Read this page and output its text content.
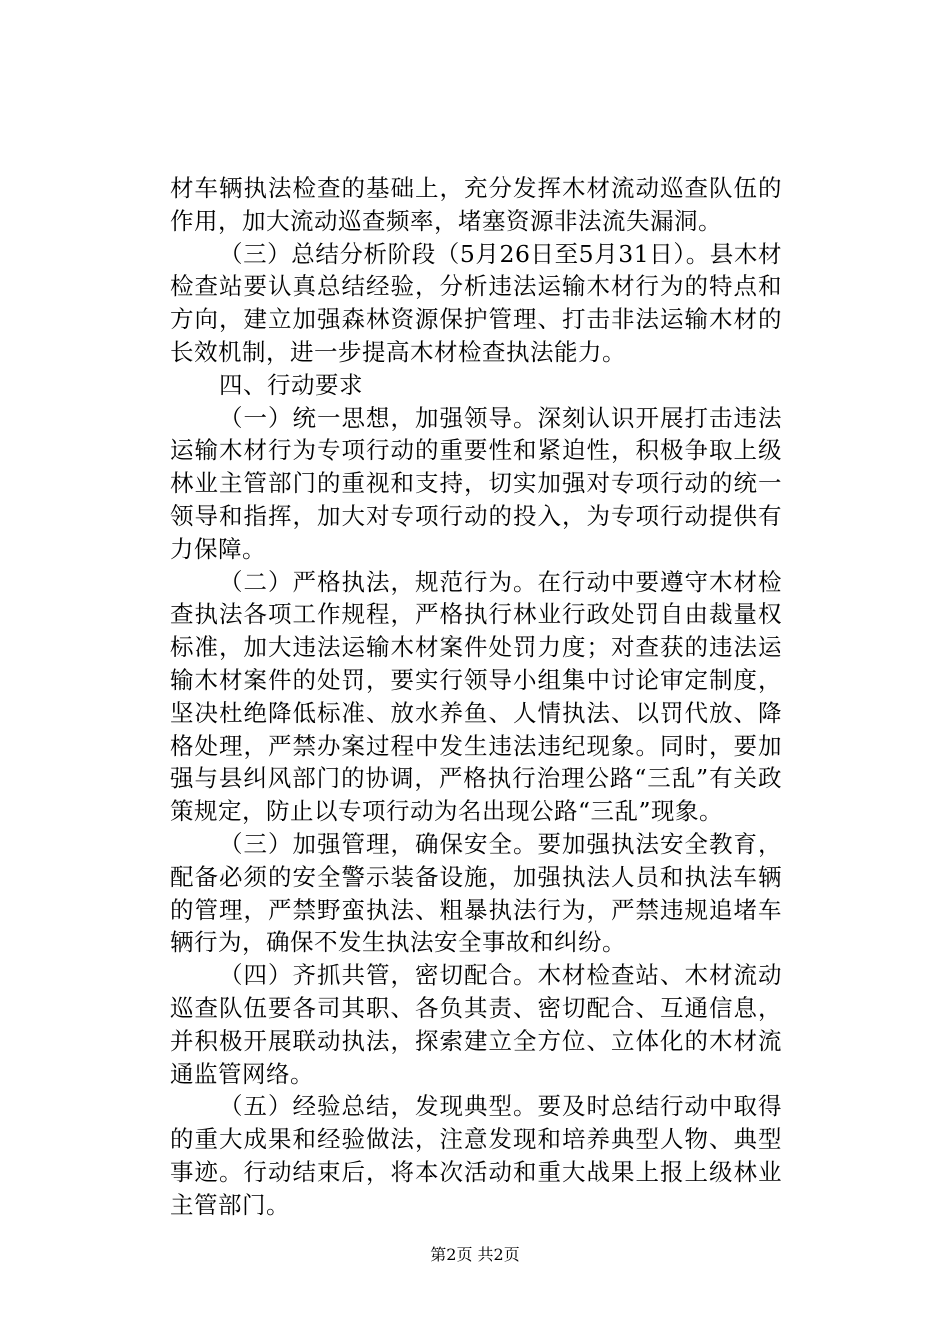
材车辆执法检查的基础上，充分发挥木材流动巡查队伍的作用，加大流动巡查频率，堵塞资源非法流失漏洞。

（三）总结分析阶段（5月26日至5月31日）。县木材检查站要认真总结经验，分析违法运输木材行为的特点和方向，建立加强森林资源保护管理、打击非法运输木材的长效机制，进一步提高木材检查执法能力。

四、行动要求

（一）统一思想，加强领导。深刻认识开展打击违法运输木材行为专项行动的重要性和紧迫性，积极争取上级林业主管部门的重视和支持，切实加强对专项行动的统一领导和指挥，加大对专项行动的投入，为专项行动提供有力保障。

（二）严格执法，规范行为。在行动中要遵守木材检查执法各项工作规程，严格执行林业行政处罚自由裁量权标准，加大违法运输木材案件处罚力度；对查获的违法运输木材案件的处罚，要实行领导小组集中讨论审定制度，坚决杜绝降低标准、放水养鱼、人情执法、以罚代放、降格处理，严禁办案过程中发生违法违纪现象。同时，要加强与县纠风部门的协调，严格执行治理公路“三乱”有关政策规定，防止以专项行动为名出现公路“三乱”现象。

（三）加强管理，确保安全。要加强执法安全教育，配备必须的安全警示装备设施，加强执法人员和执法车辆的管理，严禁野蛮执法、粗暴执法行为，严禁违规追堵车辆行为，确保不发生执法安全事故和纠纷。

（四）齐抓共管，密切配合。木材检查站、木材流动巡查队伍要各司其职、各负其责、密切配合、互通信息，并积极开展联动执法，探索建立全方位、立体化的木材流通监管网络。

（五）经验总结，发现典型。要及时总结行动中取得的重大成果和经验做法，注意发现和培养典型人物、典型事迹。行动结束后，将本次活动和重大战果上报上级林业主管部门。

第2页 共2页
